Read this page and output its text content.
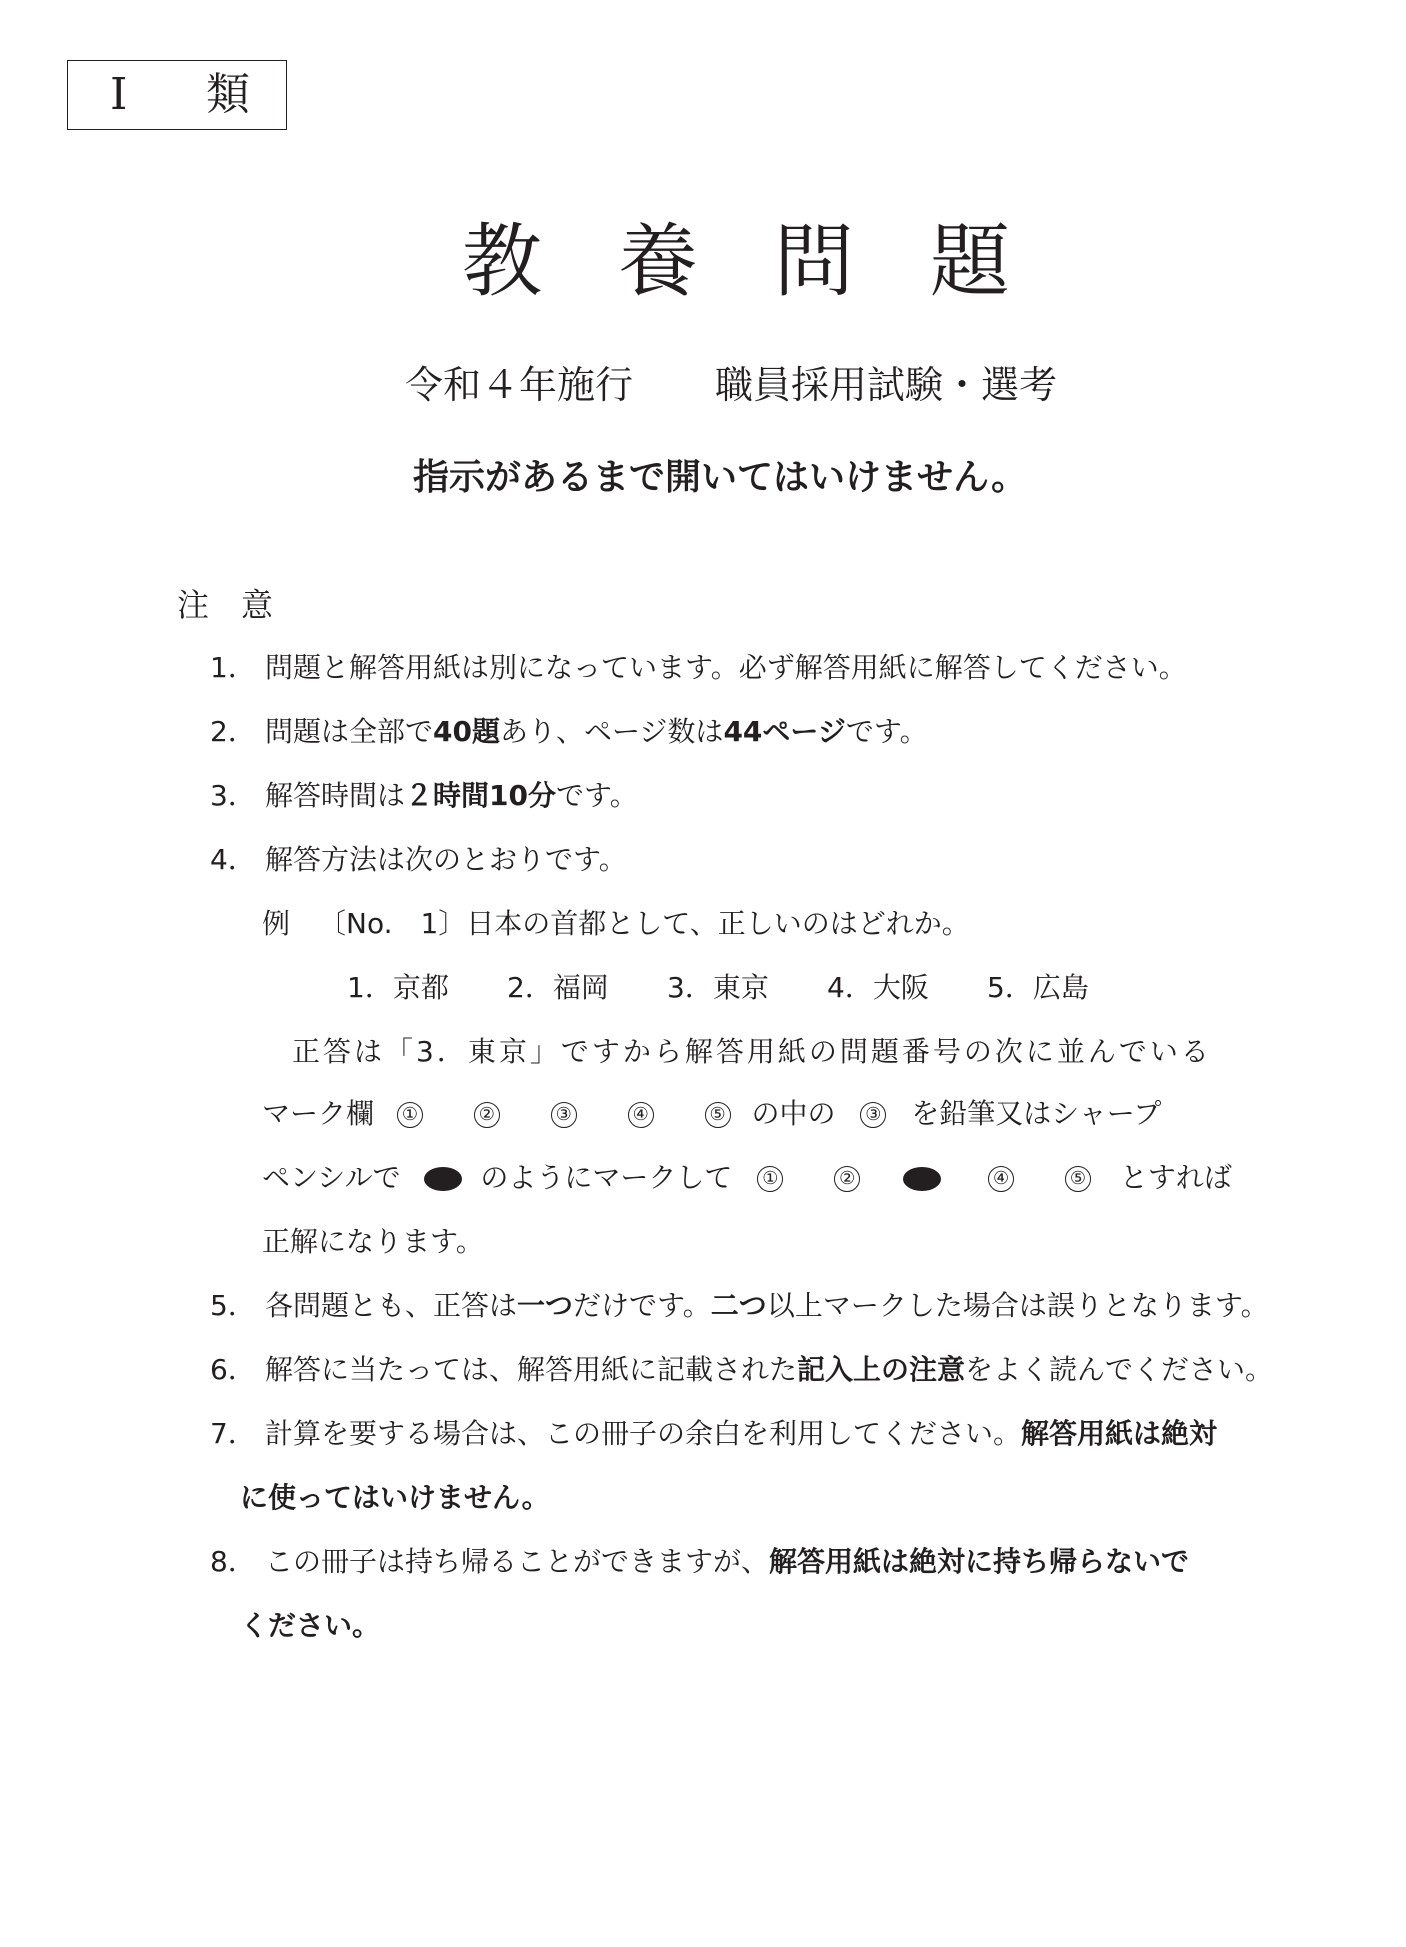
I 類
教 養 問 題
令和４年施行 職員採用試験・選考
指示があるまで開いてはいけません。
注　意
1． 問題と解答用紙は別になっています。必ず解答用紙に解答してください。
2． 問題は全部で40題あり、ページ数は44ページです。
3． 解答時間は２時間10分です。
4． 解答方法は次のとおりです。
例 〔No.　1〕日本の首都として、正しいのはどれか。
1．京都 2．福岡 3．東京 4．大阪 5．広島
正答は「3．東京」ですから解答用紙の問題番号の次に並んでいる
マーク欄 ①	②	③	④	⑤ の中の ③ を鉛筆又はシャープ
ペンシルで	のようにマークして ①	②	④	⑤ とすれば
正解になります。
5． 各問題とも、正答は一つだけです。二つ以上マークした場合は誤りとなります。
6． 解答に当たっては、解答用紙に記載された記入上の注意をよく読んでください。
7． 計算を要する場合は、この冊子の余白を利用してください。解答用紙は絶対
に使ってはいけません。
8． この冊子は持ち帰ることができますが、解答用紙は絶対に持ち帰らないで
ください。
